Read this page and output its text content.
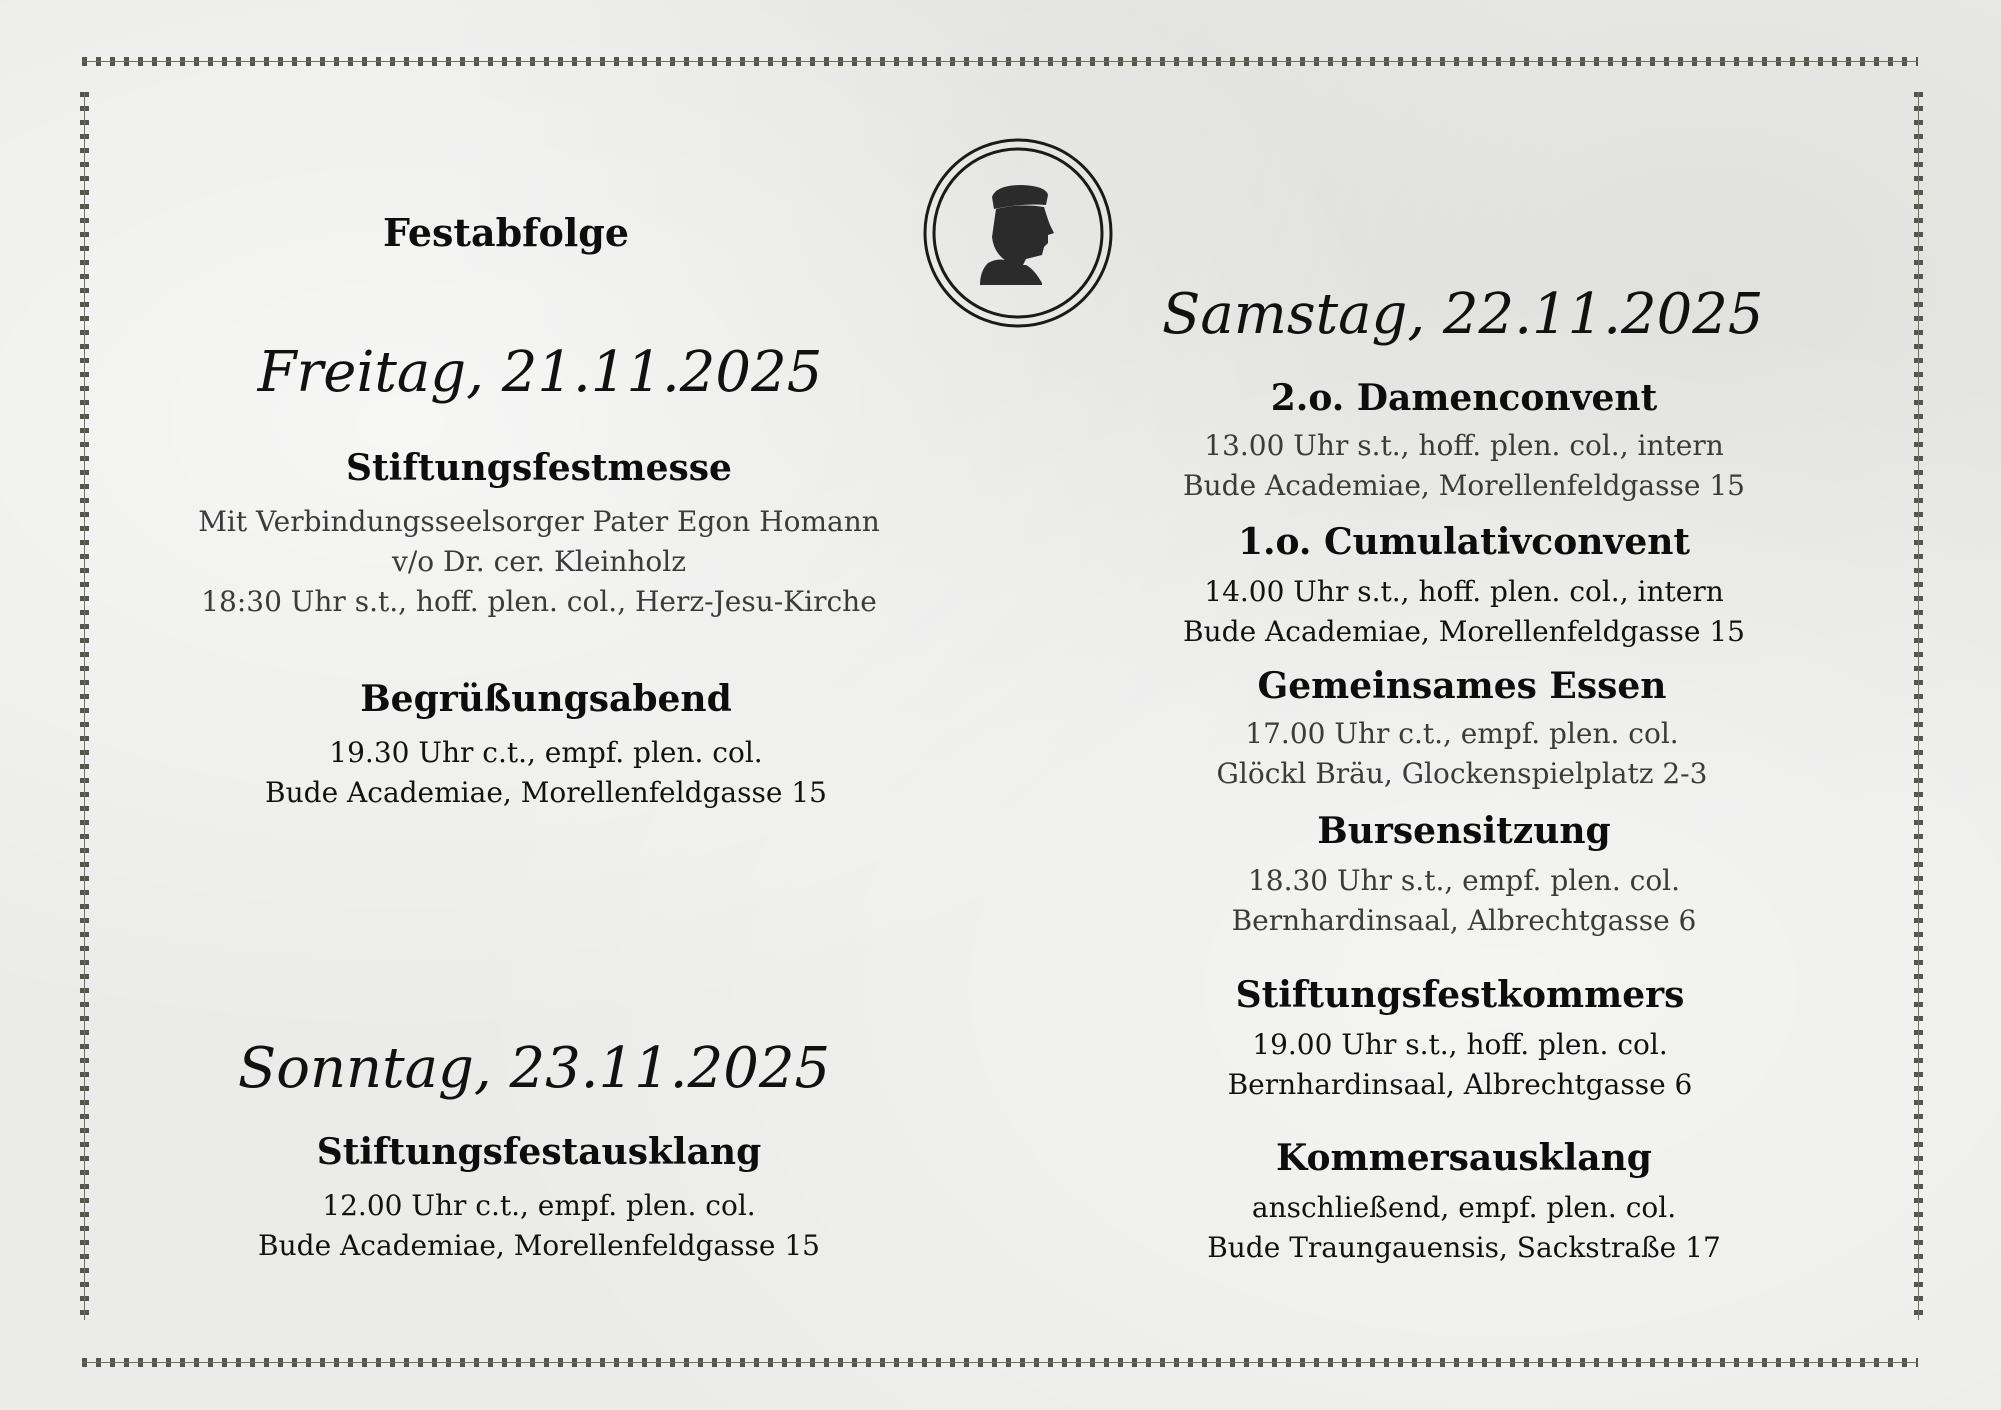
Festabfolge
Freitag, 21.11.2025
Stiftungsfestmesse
Mit Verbindungsseelsorger Pater Egon Homann
v/o Dr. cer. Kleinholz
18:30 Uhr s.t., hoff. plen. col., Herz-Jesu-Kirche
Begrüßungsabend
19.30 Uhr c.t., empf. plen. col.
Bude Academiae, Morellenfeldgasse 15
Sonntag, 23.11.2025
Stiftungsfestausklang
12.00 Uhr c.t., empf. plen. col.
Bude Academiae, Morellenfeldgasse 15
Samstag, 22.11.2025
2.o. Damenconvent
13.00 Uhr s.t., hoff. plen. col., intern
Bude Academiae, Morellenfeldgasse 15
1.o. Cumulativconvent
14.00 Uhr s.t., hoff. plen. col., intern
Bude Academiae, Morellenfeldgasse 15
Gemeinsames Essen
17.00 Uhr c.t., empf. plen. col.
Glöckl Bräu, Glockenspielplatz 2-3
Bursensitzung
18.30 Uhr s.t., empf. plen. col.
Bernhardinsaal, Albrechtgasse 6
Stiftungsfestkommers
19.00 Uhr s.t., hoff. plen. col.
Bernhardinsaal, Albrechtgasse 6
Kommersausklang
anschließend, empf. plen. col.
Bude Traungauensis, Sackstraße 17
